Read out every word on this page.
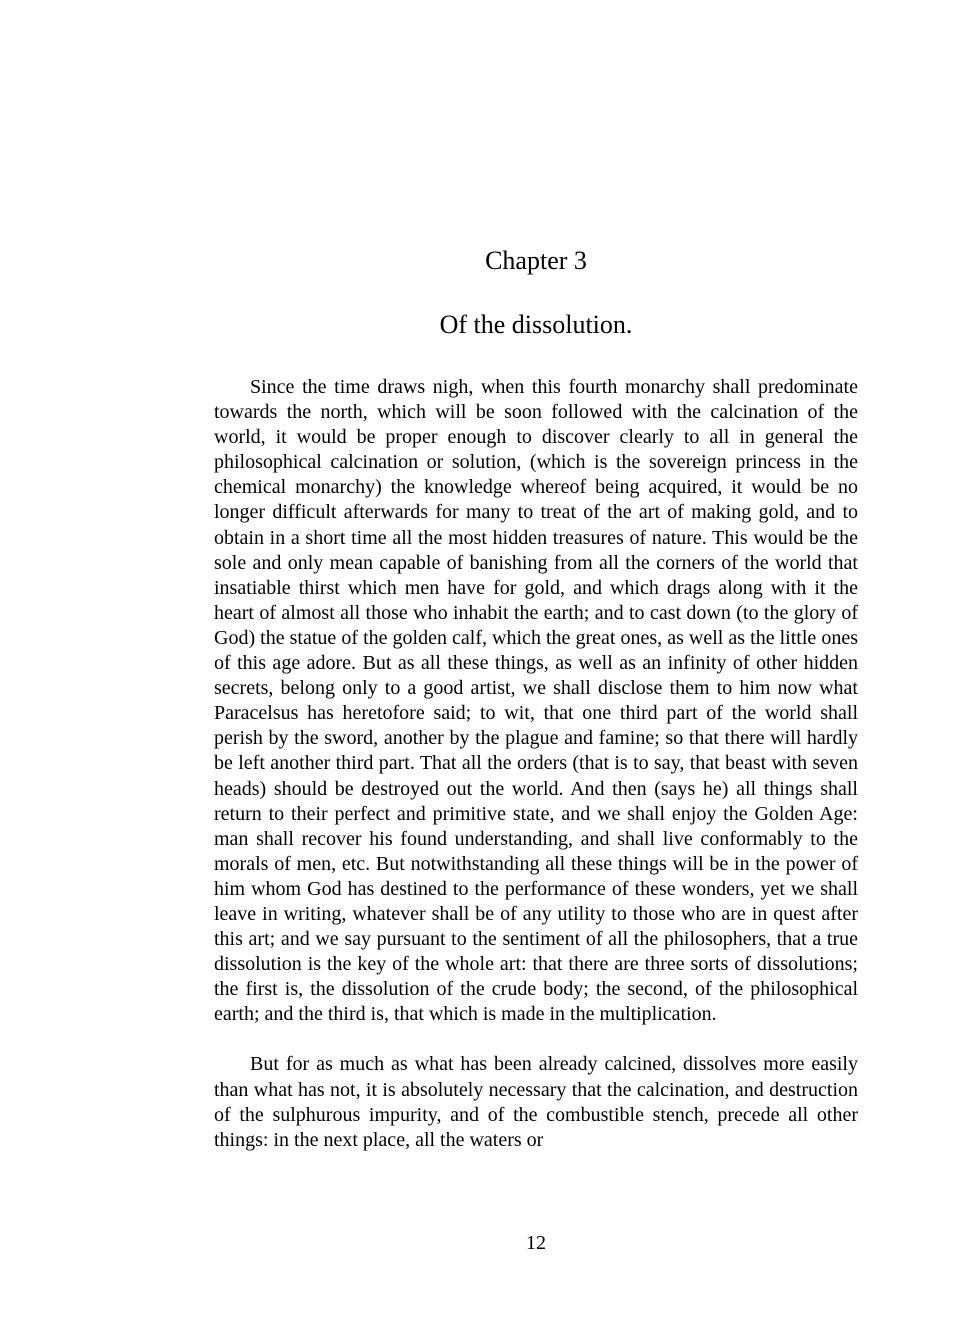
Chapter 3
Of the dissolution.

Since the time draws nigh, when this fourth monarchy shall predominate towards the north, which will be soon followed with the calcination of the world, it would be proper enough to discover clearly to all in general the philosophical calcination or solution, (which is the sovereign princess in the chemical monarchy) the knowledge whereof being acquired, it would be no longer difficult afterwards for many to treat of the art of making gold, and to obtain in a short time all the most hidden treasures of nature. This would be the sole and only mean capable of banishing from all the corners of the world that insatiable thirst which men have for gold, and which drags along with it the heart of almost all those who inhabit the earth; and to cast down (to the glory of God) the statue of the golden calf, which the great ones, as well as the little ones of this age adore. But as all these things, as well as an infinity of other hidden secrets, belong only to a good artist, we shall disclose them to him now what Paracelsus has heretofore said; to wit, that one third part of the world shall perish by the sword, another by the plague and famine; so that there will hardly be left another third part. That all the orders (that is to say, that beast with seven heads) should be destroyed out the world. And then (says he) all things shall return to their perfect and primitive state, and we shall enjoy the Golden Age: man shall recover his found understanding, and shall live conformably to the morals of men, etc. But notwithstanding all these things will be in the power of him whom God has destined to the performance of these wonders, yet we shall leave in writing, whatever shall be of any utility to those who are in quest after this art; and we say pursuant to the sentiment of all the philosophers, that a true dissolution is the key of the whole art: that there are three sorts of dissolutions; the first is, the dissolution of the crude body; the second, of the philosophical earth; and the third is, that which is made in the multiplication.

But for as much as what has been already calcined, dissolves more easily than what has not, it is absolutely necessary that the calcination, and destruction of the sulphurous impurity, and of the combustible stench, precede all other things: in the next place, all the waters or

12
